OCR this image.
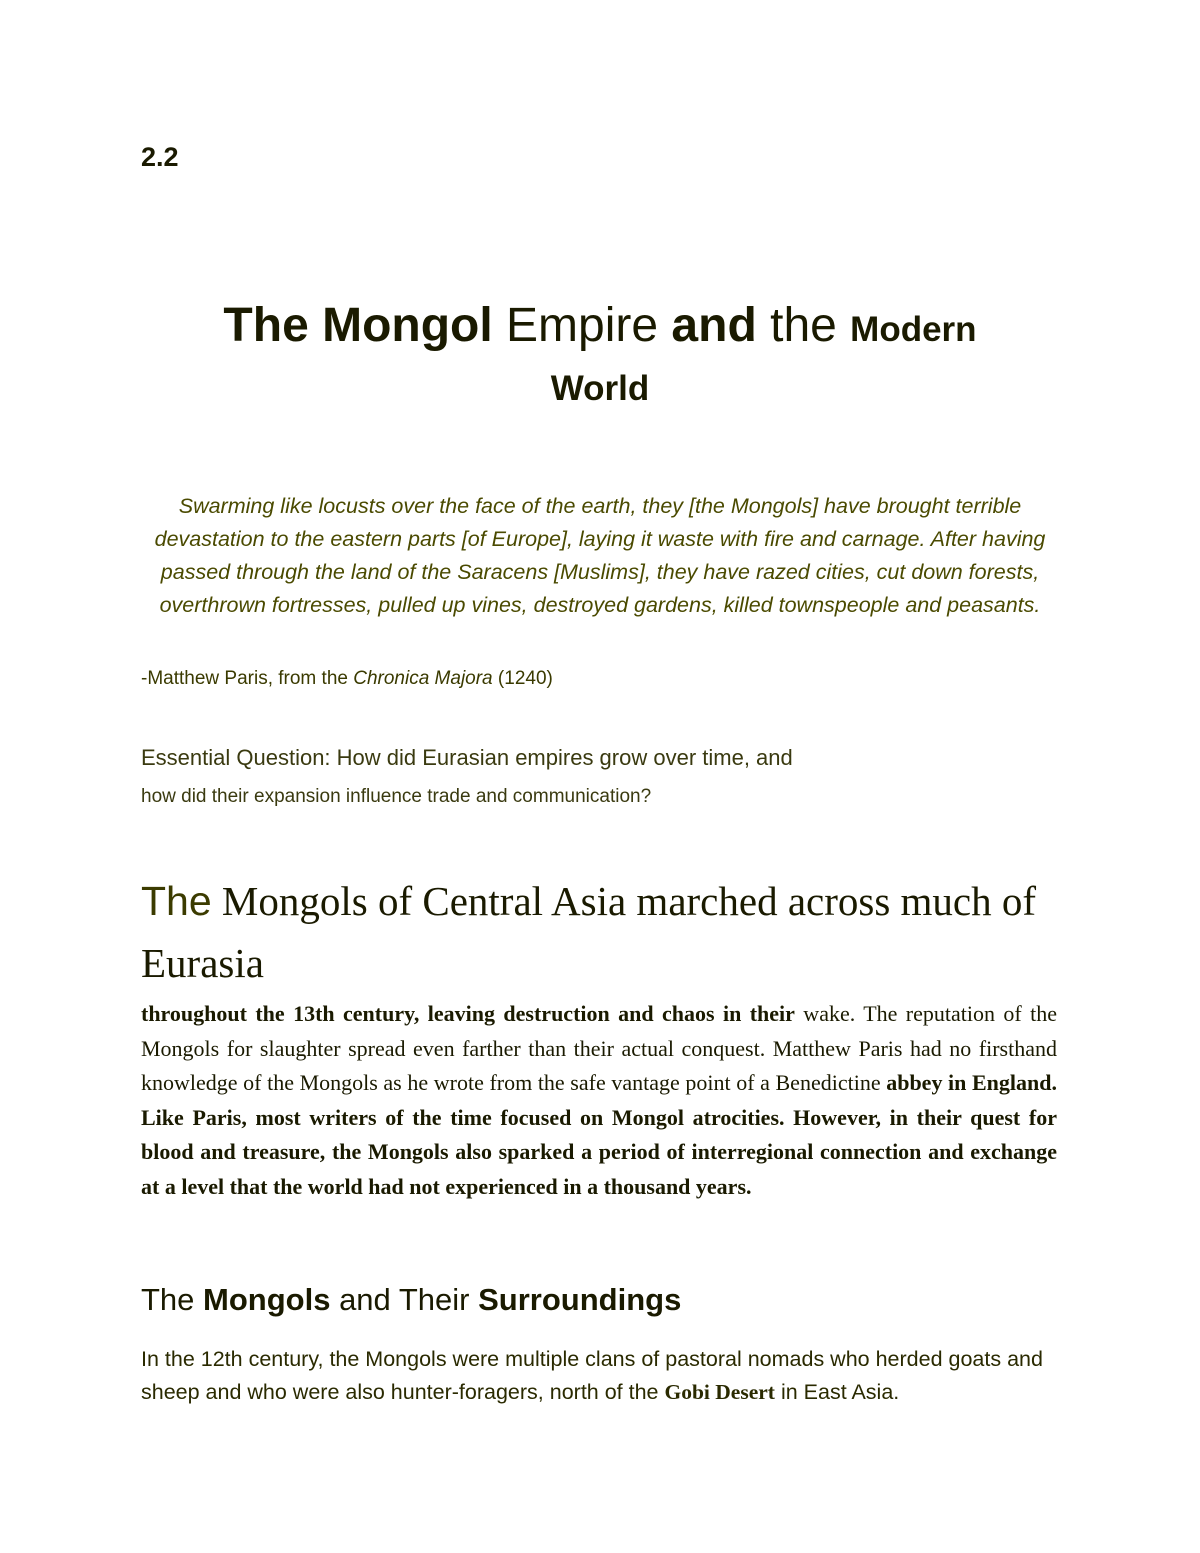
2.2
The Mongol Empire and the Modern
World
Swarming like locusts over the face of the earth, they [the Mongols] have brought terrible devastation to the eastern parts [of Europe], laying it waste with fire and carnage. After having passed through the land of the Saracens [Muslims], they have razed cities, cut down forests, overthrown fortresses, pulled up vines, destroyed gardens, killed townspeople and peasants.
-Matthew Paris, from the Chronica Majora (1240)
Essential Question: How did Eurasian empires grow over time, and
how did their expansion influence trade and communication?
The Mongols of Central Asia marched across much of Eurasia
throughout the 13th century, leaving destruction and chaos in their wake. The reputation of the Mongols for slaughter spread even farther than their actual conquest. Matthew Paris had no firsthand knowledge of the Mongols as he wrote from the safe vantage point of a Benedictine abbey in England. Like Paris, most writers of the time focused on Mongol atrocities. However, in their quest for blood and treasure, the Mongols also sparked a period of interregional connection and exchange at a level that the world had not experienced in a thousand years.
The Mongols and Their Surroundings
In the 12th century, the Mongols were multiple clans of pastoral nomads who herded goats and sheep and who were also hunter-foragers, north of the Gobi Desert in East Asia.
